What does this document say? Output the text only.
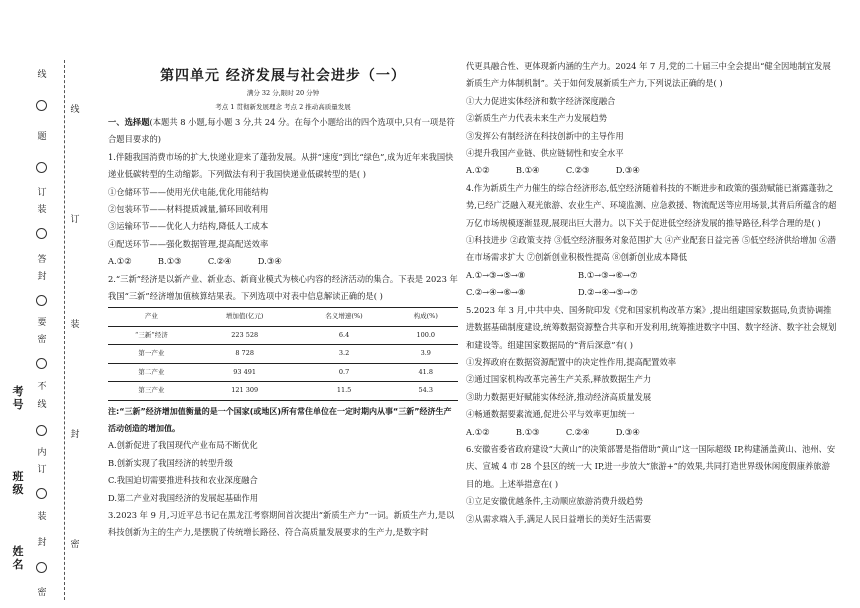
线
题
订
装
答
封
要
密
不
线
内
订
装
封
密
线
订
装
封
密
考号
班级
姓名
第四单元 经济发展与社会进步（一）
满分 32 分,限时 20 分钟
考点 1 贯彻新发展理念 考点 2 推动高质量发展

一、选择题(本题共 8 小题,每小题 3 分,共 24 分。在每个小题给出的四个选项中,只有一项是符合题目要求的)

1.伴随我国消费市场的扩大,快递业迎来了蓬勃发展。从拼“速度”到比“绿色”,成为近年来我国快递业低碳转型的生动缩影。下列做法有利于我国快递业低碳转型的是( )

①仓储环节——使用光伏电能,优化用能结构

②包装环节——材料提质减量,循环回收利用

③运输环节——优化人力结构,降低人工成本

④配送环节——强化数据管理,提高配送效率

A.①②          B.①③          C.②④          D.③④

2.“三新”经济是以新产业、新业态、新商业模式为核心内容的经济活动的集合。下表是 2023 年我国“三新”经济增加值核算结果表。下列选项中对表中信息解读正确的是( )

产业	增加值(亿元)	名义增速(%)	构成(%)
“三新”经济	223 528	6.4	100.0
第一产业	8 728	3.2	3.9
第二产业	93 491	0.7	41.8
第三产业	121 309	11.5	54.3

注:“三新”经济增加值衡量的是一个国家(或地区)所有常住单位在一定时期内从事“三新”经济生产活动创造的增加值。

A.创新促进了我国现代产业布局不断优化

B.创新实现了我国经济的转型升级

C.我国迫切需要推进科技和农业深度融合

D.第二产业对我国经济的发展起基础作用

3.2023 年 9 月,习近平总书记在黑龙江考察期间首次提出“新质生产力”一词。新质生产力,是以科技创新为主的生产力,是摆脱了传统增长路径、符合高质量发展要求的生产力,是数字时

代更具融合性、更体现新内涵的生产力。2024 年 7 月,党的二十届三中全会提出“健全因地制宜发展新质生产力体制机制”。关于如何发展新质生产力,下列说法正确的是( )

①大力促进实体经济和数字经济深度融合

②新质生产力代表未来生产力发展趋势

③发挥公有制经济在科技创新中的主导作用

④提升我国产业链、供应链韧性和安全水平

A.①②          B.①④          C.②③          D.③④

4.作为新质生产力催生的综合经济形态,低空经济随着科技的不断进步和政策的强劲赋能已渐露蓬勃之势,已经广泛融入观光旅游、农业生产、环境监测、应急救援、物流配送等应用场景,其背后所蕴含的超万亿市场规模逐渐显现,展现出巨大潜力。以下关于促进低空经济发展的推导路径,科学合理的是( )

①科技进步 ②政策支持 ③低空经济服务对象范围扩大 ④产业配套日益完善 ⑤低空经济供给增加 ⑥潜在市场需求扩大 ⑦创新创业积极性提高 ⑧创新创业成本降低

A.①→③→⑤→⑧                    B.①→③→⑥→⑦

C.②→④→⑥→⑧                    D.②→④→⑤→⑦

5.2023 年 3 月,中共中央、国务院印发《党和国家机构改革方案》,提出组建国家数据局,负责协调推进数据基础制度建设,统筹数据资源整合共享和开发利用,统筹推进数字中国、数字经济、数字社会规划和建设等。组建国家数据局的“背后深意”有( )

①发挥政府在数据资源配置中的决定性作用,提高配置效率

②通过国家机构改革完善生产关系,释放数据生产力

③助力数据更好赋能实体经济,推动经济高质量发展

④畅通数据要素流通,促进公平与效率更加统一

A.①②          B.①③          C.②④          D.③④

6.安徽省委省政府建设“大黄山”的决策部署是指借助“黄山”这一国际超级 IP,构建涵盖黄山、池州、安庆、宣城 4 市 28 个县区的统一大 IP,进一步放大“旅游+”的效果,共同打造世界级休闲度假康养旅游目的地。上述举措意在( )

①立足安徽优越条件,主动顺应旅游消费升级趋势

②从需求端入手,满足人民日益增长的美好生活需要
